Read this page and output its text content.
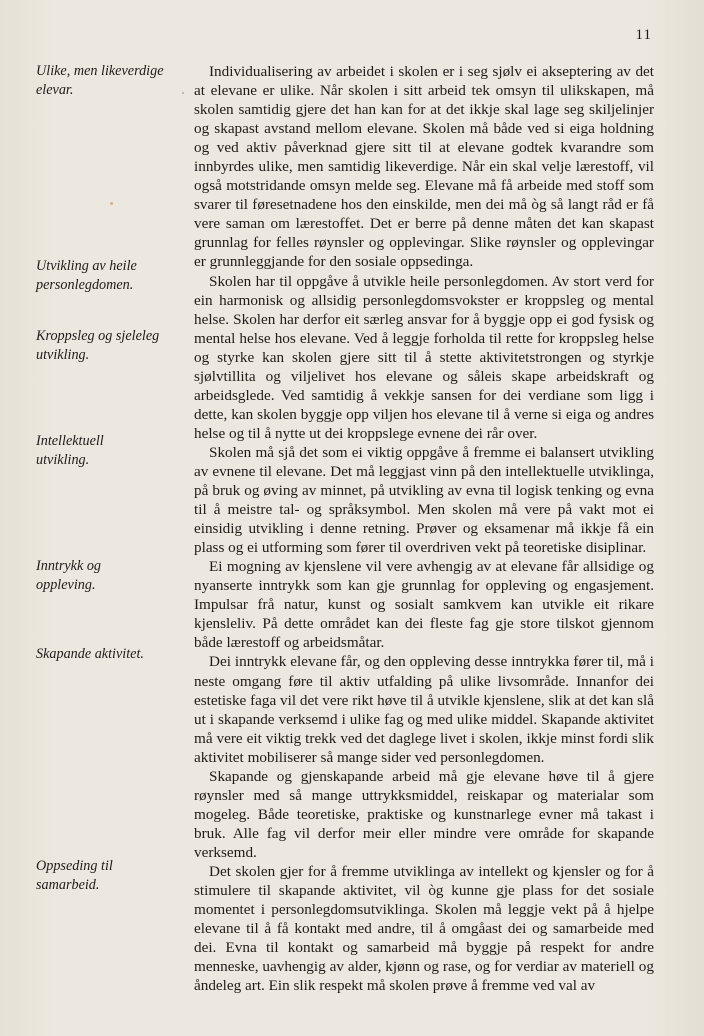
11
Ulike, men likeverdige
elevar.
Utvikling av heile
personlegdomen.
Kroppsleg og sjeleleg
utvikling.
Intellektuell
utvikling.
Inntrykk og
oppleving.
Skapande aktivitet.
Oppseding til
samarbeid.

Individualisering av arbeidet i skolen er i seg sjølv ei akseptering av det at elevane er ulike. Når skolen i sitt arbeid tek omsyn til ulikskapen, må skolen samtidig gjere det han kan for at det ikkje skal lage seg skiljelinjer og skapast avstand mellom elevane. Skolen må både ved si eiga holdning og ved aktiv påverknad gjere sitt til at elevane godtek kvarandre som innbyrdes ulike, men samtidig likeverdige. Når ein skal velje lærestoff, vil også motstridande omsyn melde seg. Elevane må få arbeide med stoff som svarer til føresetnadene hos den einskilde, men dei må òg så langt råd er få vere saman om lærestoffet. Det er berre på denne måten det kan skapast grunnlag for felles røynsler og opplevingar. Slike røynsler og opplevingar er grunnleggjande for den sosiale oppsedinga.

Skolen har til oppgåve å utvikle heile personlegdomen. Av stort verd for ein harmonisk og allsidig personlegdomsvokster er kroppsleg og mental helse. Skolen har derfor eit særleg ansvar for å byggje opp ei god fysisk og mental helse hos elevane. Ved å leggje forholda til rette for kroppsleg helse og styrke kan skolen gjere sitt til å stette aktivitetstrongen og styrkje sjølvtillita og viljelivet hos elevane og såleis skape arbeidskraft og arbeidsglede. Ved samtidig å vekkje sansen for dei verdiane som ligg i dette, kan skolen byggje opp viljen hos elevane til å verne si eiga og andres helse og til å nytte ut dei kroppslege evnene dei rår over.

Skolen må sjå det som ei viktig oppgåve å fremme ei balansert utvikling av evnene til elevane. Det må leggjast vinn på den intellektuelle utviklinga, på bruk og øving av minnet, på utvikling av evna til logisk tenking og evna til å meistre tal- og språksymbol. Men skolen må vere på vakt mot ei einsidig utvikling i denne retning. Prøver og eksamenar må ikkje få ein plass og ei utforming som fører til overdriven vekt på teoretiske disiplinar.

Ei mogning av kjenslene vil vere avhengig av at elevane får allsidige og nyanserte inntrykk som kan gje grunnlag for oppleving og engasjement. Impulsar frå natur, kunst og sosialt samkvem kan utvikle eit rikare kjensleliv. På dette området kan dei fleste fag gje store tilskot gjennom både lærestoff og arbeidsmåtar.

Dei inntrykk elevane får, og den oppleving desse inntrykka fører til, må i neste omgang føre til aktiv utfalding på ulike livsområde. Innanfor dei estetiske faga vil det vere rikt høve til å utvikle kjenslene, slik at det kan slå ut i skapande verksemd i ulike fag og med ulike middel. Skapande aktivitet må vere eit viktig trekk ved det daglege livet i skolen, ikkje minst fordi slik aktivitet mobiliserer så mange sider ved personlegdomen.

Skapande og gjenskapande arbeid må gje elevane høve til å gjere røynsler med så mange uttrykksmiddel, reiskapar og materialar som mogeleg. Både teoretiske, praktiske og kunstnarlege evner må takast i bruk. Alle fag vil derfor meir eller mindre vere område for skapande verksemd.

Det skolen gjer for å fremme utviklinga av intellekt og kjensler og for å stimulere til skapande aktivitet, vil òg kunne gje plass for det sosiale momentet i personlegdomsutviklinga. Skolen må leggje vekt på å hjelpe elevane til å få kontakt med andre, til å omgåast dei og samarbeide med dei. Evna til kontakt og samarbeid må byggje på respekt for andre menneske, uavhengig av alder, kjønn og rase, og for verdiar av materiell og åndeleg art. Ein slik respekt må skolen prøve å fremme ved val av
